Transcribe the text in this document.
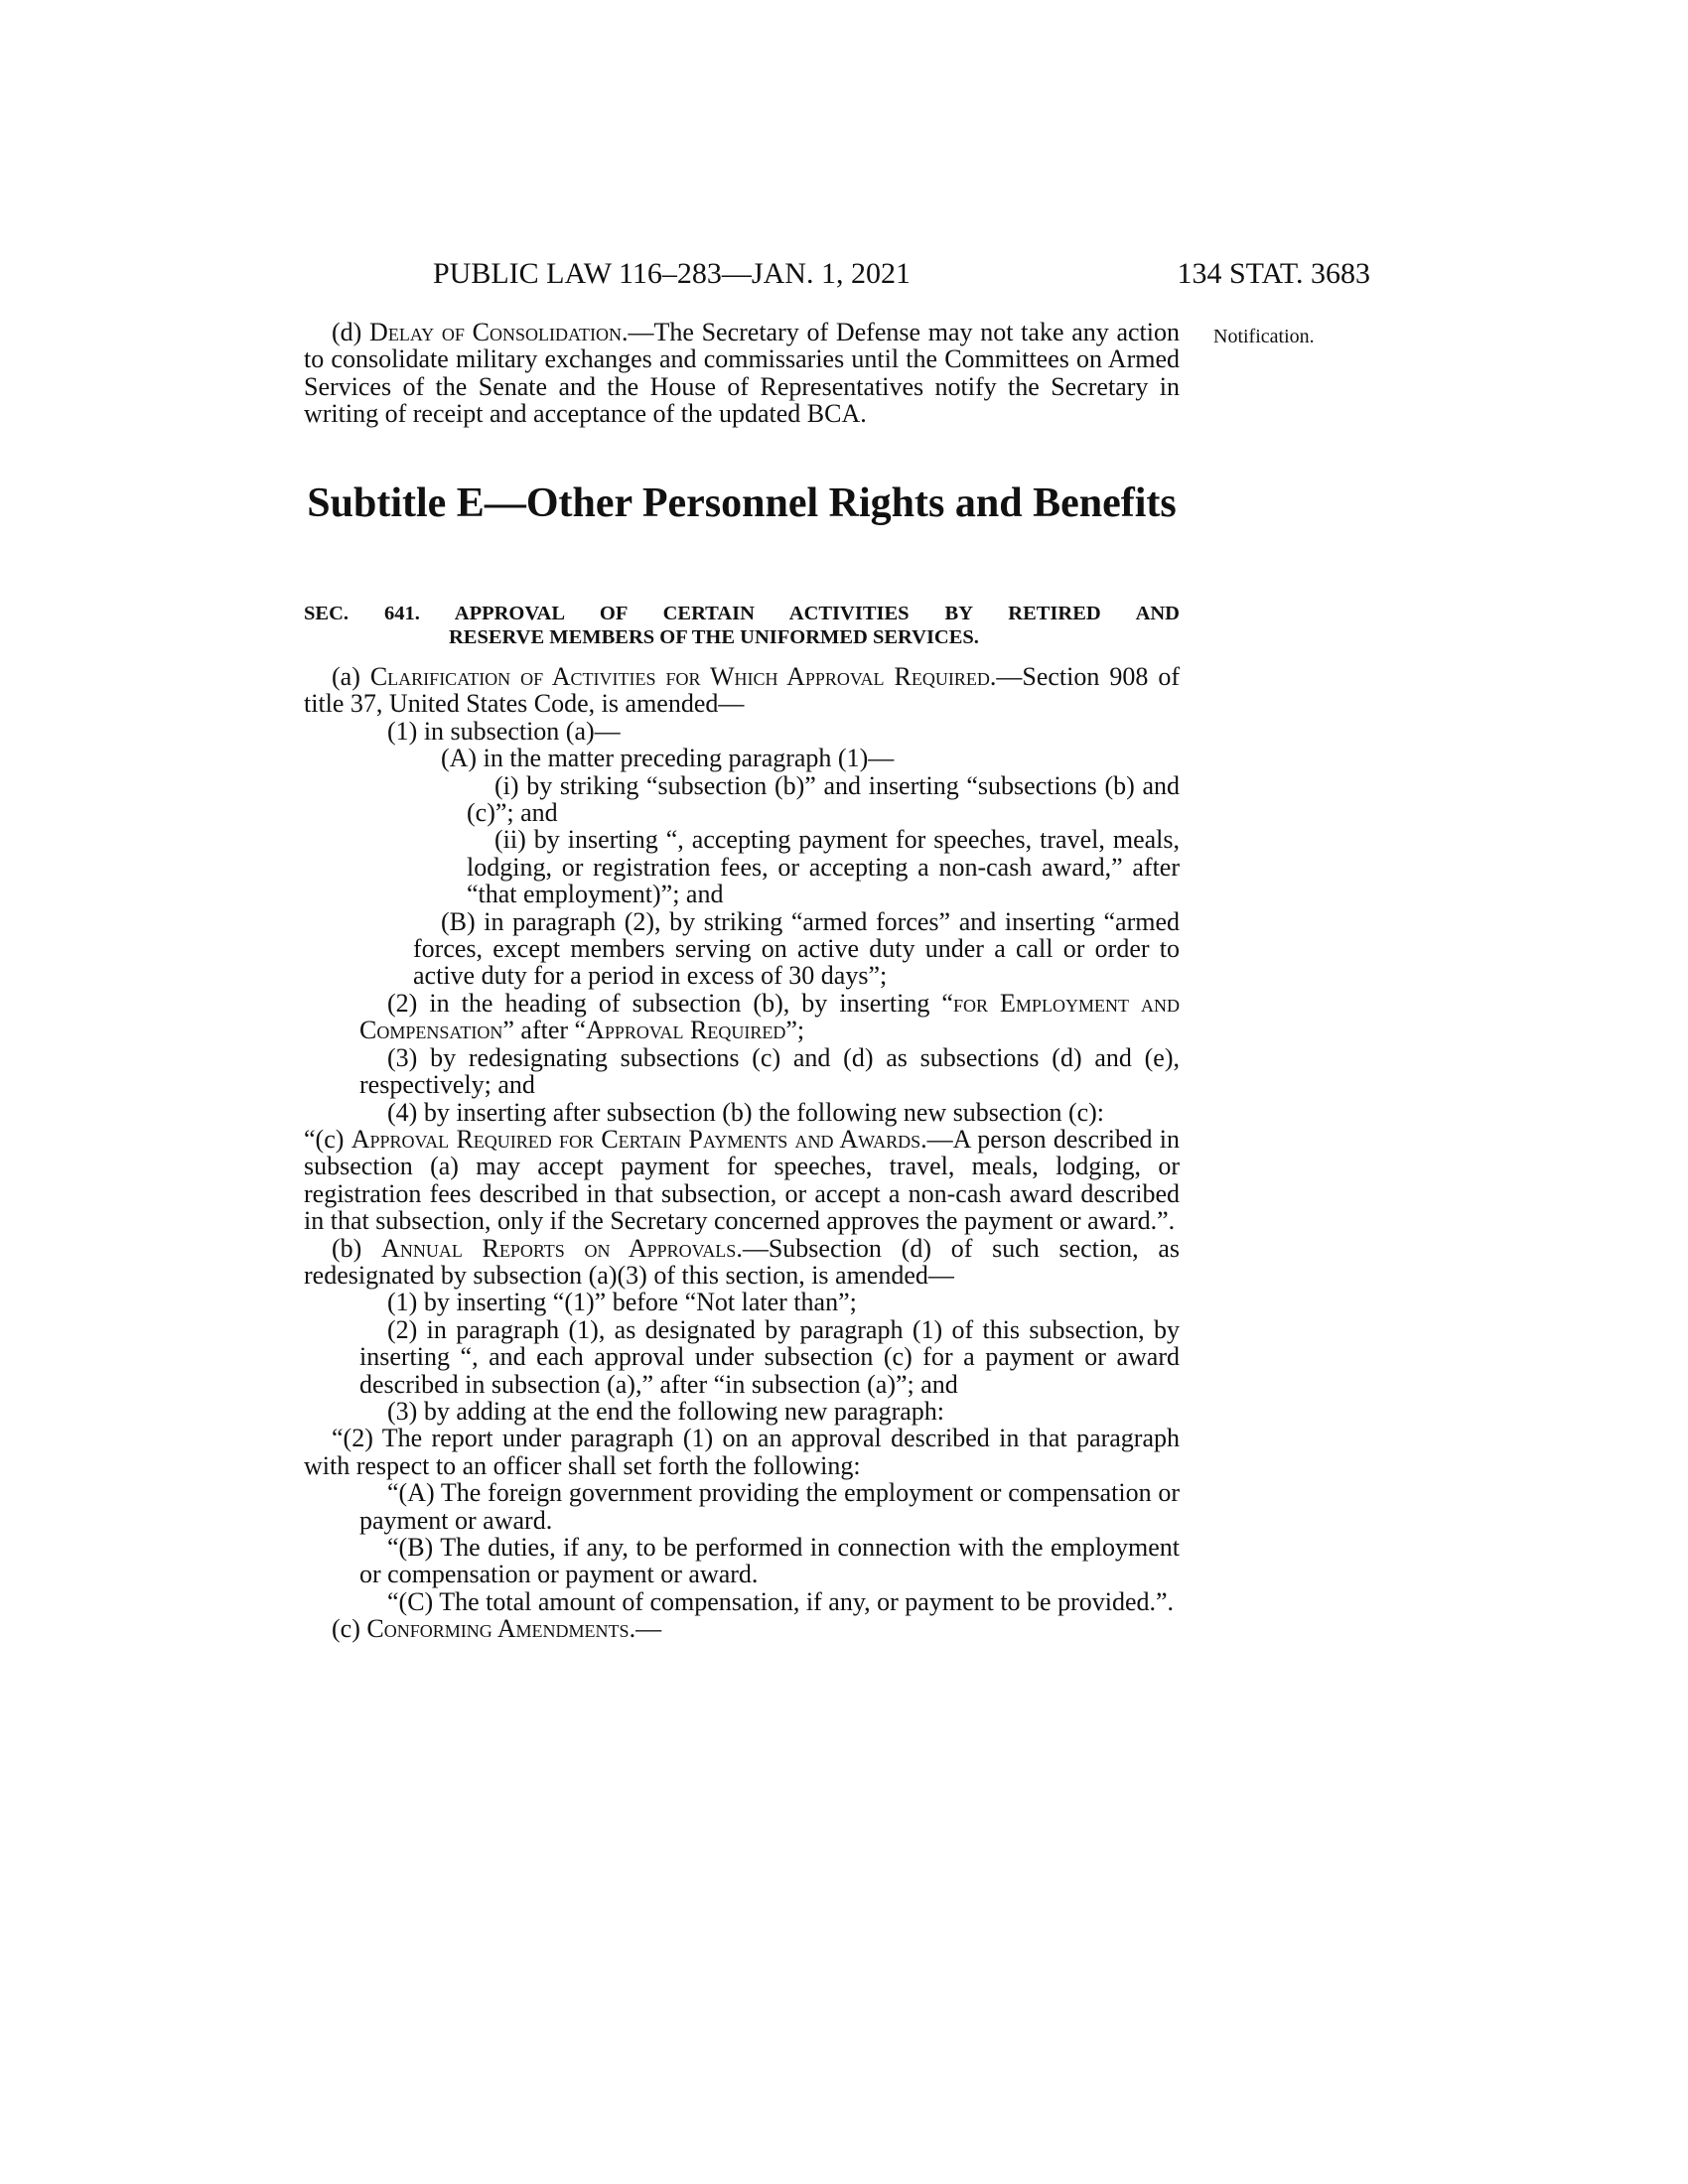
PUBLIC LAW 116–283—JAN. 1, 2021	134 STAT. 3683
Notification.

(d) Delay of Consolidation.—The Secretary of Defense may not take any action to consolidate military exchanges and commissaries until the Committees on Armed Services of the Senate and the House of Representatives notify the Secretary in writing of receipt and acceptance of the updated BCA.

Subtitle E—Other Personnel Rights and Benefits
SEC. 641. APPROVAL OF CERTAIN ACTIVITIES BY RETIRED AND
RESERVE MEMBERS OF THE UNIFORMED SERVICES.

(a) Clarification of Activities for Which Approval Required.—Section 908 of title 37, United States Code, is amended—

(1) in subsection (a)—

(A) in the matter preceding paragraph (1)—

(i) by striking “subsection (b)” and inserting “subsections (b) and (c)”; and

(ii) by inserting “, accepting payment for speeches, travel, meals, lodging, or registration fees, or accepting a non-cash award,” after “that employment)”; and

(B) in paragraph (2), by striking “armed forces” and inserting “armed forces, except members serving on active duty under a call or order to active duty for a period in excess of 30 days”;

(2) in the heading of subsection (b), by inserting “for Employment and Compensation” after “Approval Required”;

(3) by redesignating subsections (c) and (d) as subsections (d) and (e), respectively; and

(4) by inserting after subsection (b) the following new subsection (c):

“(c) Approval Required for Certain Payments and Awards.—A person described in subsection (a) may accept payment for speeches, travel, meals, lodging, or registration fees described in that subsection, or accept a non-cash award described in that subsection, only if the Secretary concerned approves the payment or award.”.

(b) Annual Reports on Approvals.—Subsection (d) of such section, as redesignated by subsection (a)(3) of this section, is amended—

(1) by inserting “(1)” before “Not later than”;

(2) in paragraph (1), as designated by paragraph (1) of this subsection, by inserting “, and each approval under subsection (c) for a payment or award described in subsection (a),” after “in subsection (a)”; and

(3) by adding at the end the following new paragraph:

“(2) The report under paragraph (1) on an approval described in that paragraph with respect to an officer shall set forth the following:

“(A) The foreign government providing the employment or compensation or payment or award.

“(B) The duties, if any, to be performed in connection with the employment or compensation or payment or award.

“(C) The total amount of compensation, if any, or payment to be provided.”.

(c) Conforming Amendments.—
